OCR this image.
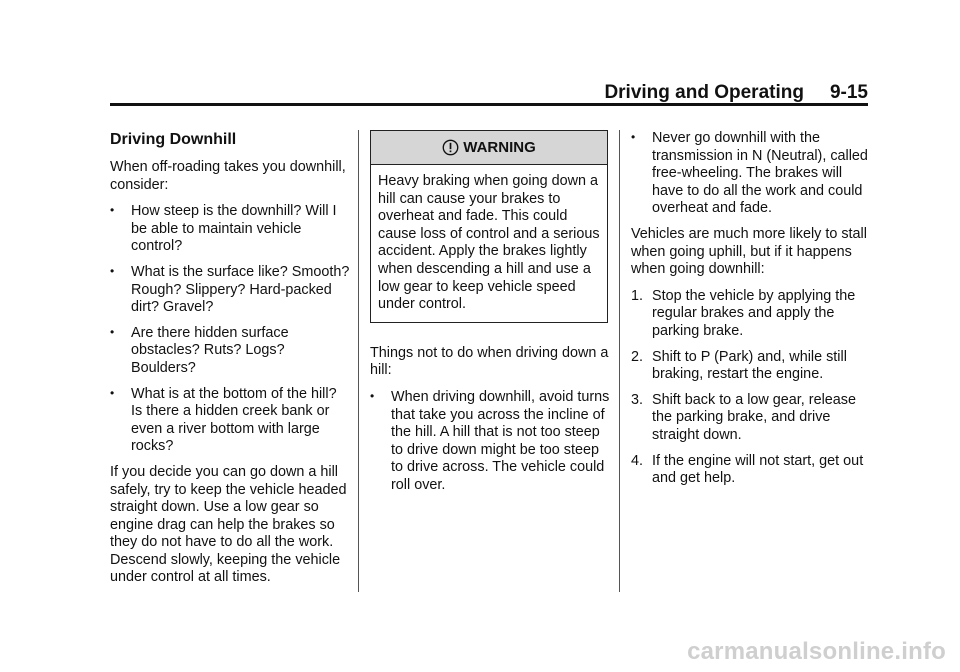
Driving and Operating 9-15
Driving Downhill

When off-roading takes you downhill, consider:

• How steep is the downhill? Will I be able to maintain vehicle control?
• What is the surface like? Smooth? Rough? Slippery? Hard-packed dirt? Gravel?
• Are there hidden surface obstacles? Ruts? Logs? Boulders?
• What is at the bottom of the hill? Is there a hidden creek bank or even a river bottom with large rocks?

If you decide you can go down a hill safely, try to keep the vehicle headed straight down. Use a low gear so engine drag can help the brakes so they do not have to do all the work. Descend slowly, keeping the vehicle under control at all times.

WARNING
Heavy braking when going down a hill can cause your brakes to overheat and fade. This could cause loss of control and a serious accident. Apply the brakes lightly when descending a hill and use a low gear to keep vehicle speed under control.

Things not to do when driving down a hill:

• When driving downhill, avoid turns that take you across the incline of the hill. A hill that is not too steep to drive down might be too steep to drive across. The vehicle could roll over.
• Never go downhill with the transmission in N (Neutral), called free-wheeling. The brakes will have to do all the work and could overheat and fade.

Vehicles are much more likely to stall when going uphill, but if it happens when going downhill:

1. Stop the vehicle by applying the regular brakes and apply the parking brake.
2. Shift to P (Park) and, while still braking, restart the engine.
3. Shift back to a low gear, release the parking brake, and drive straight down.
4. If the engine will not start, get out and get help.
carmanualsonline.info
